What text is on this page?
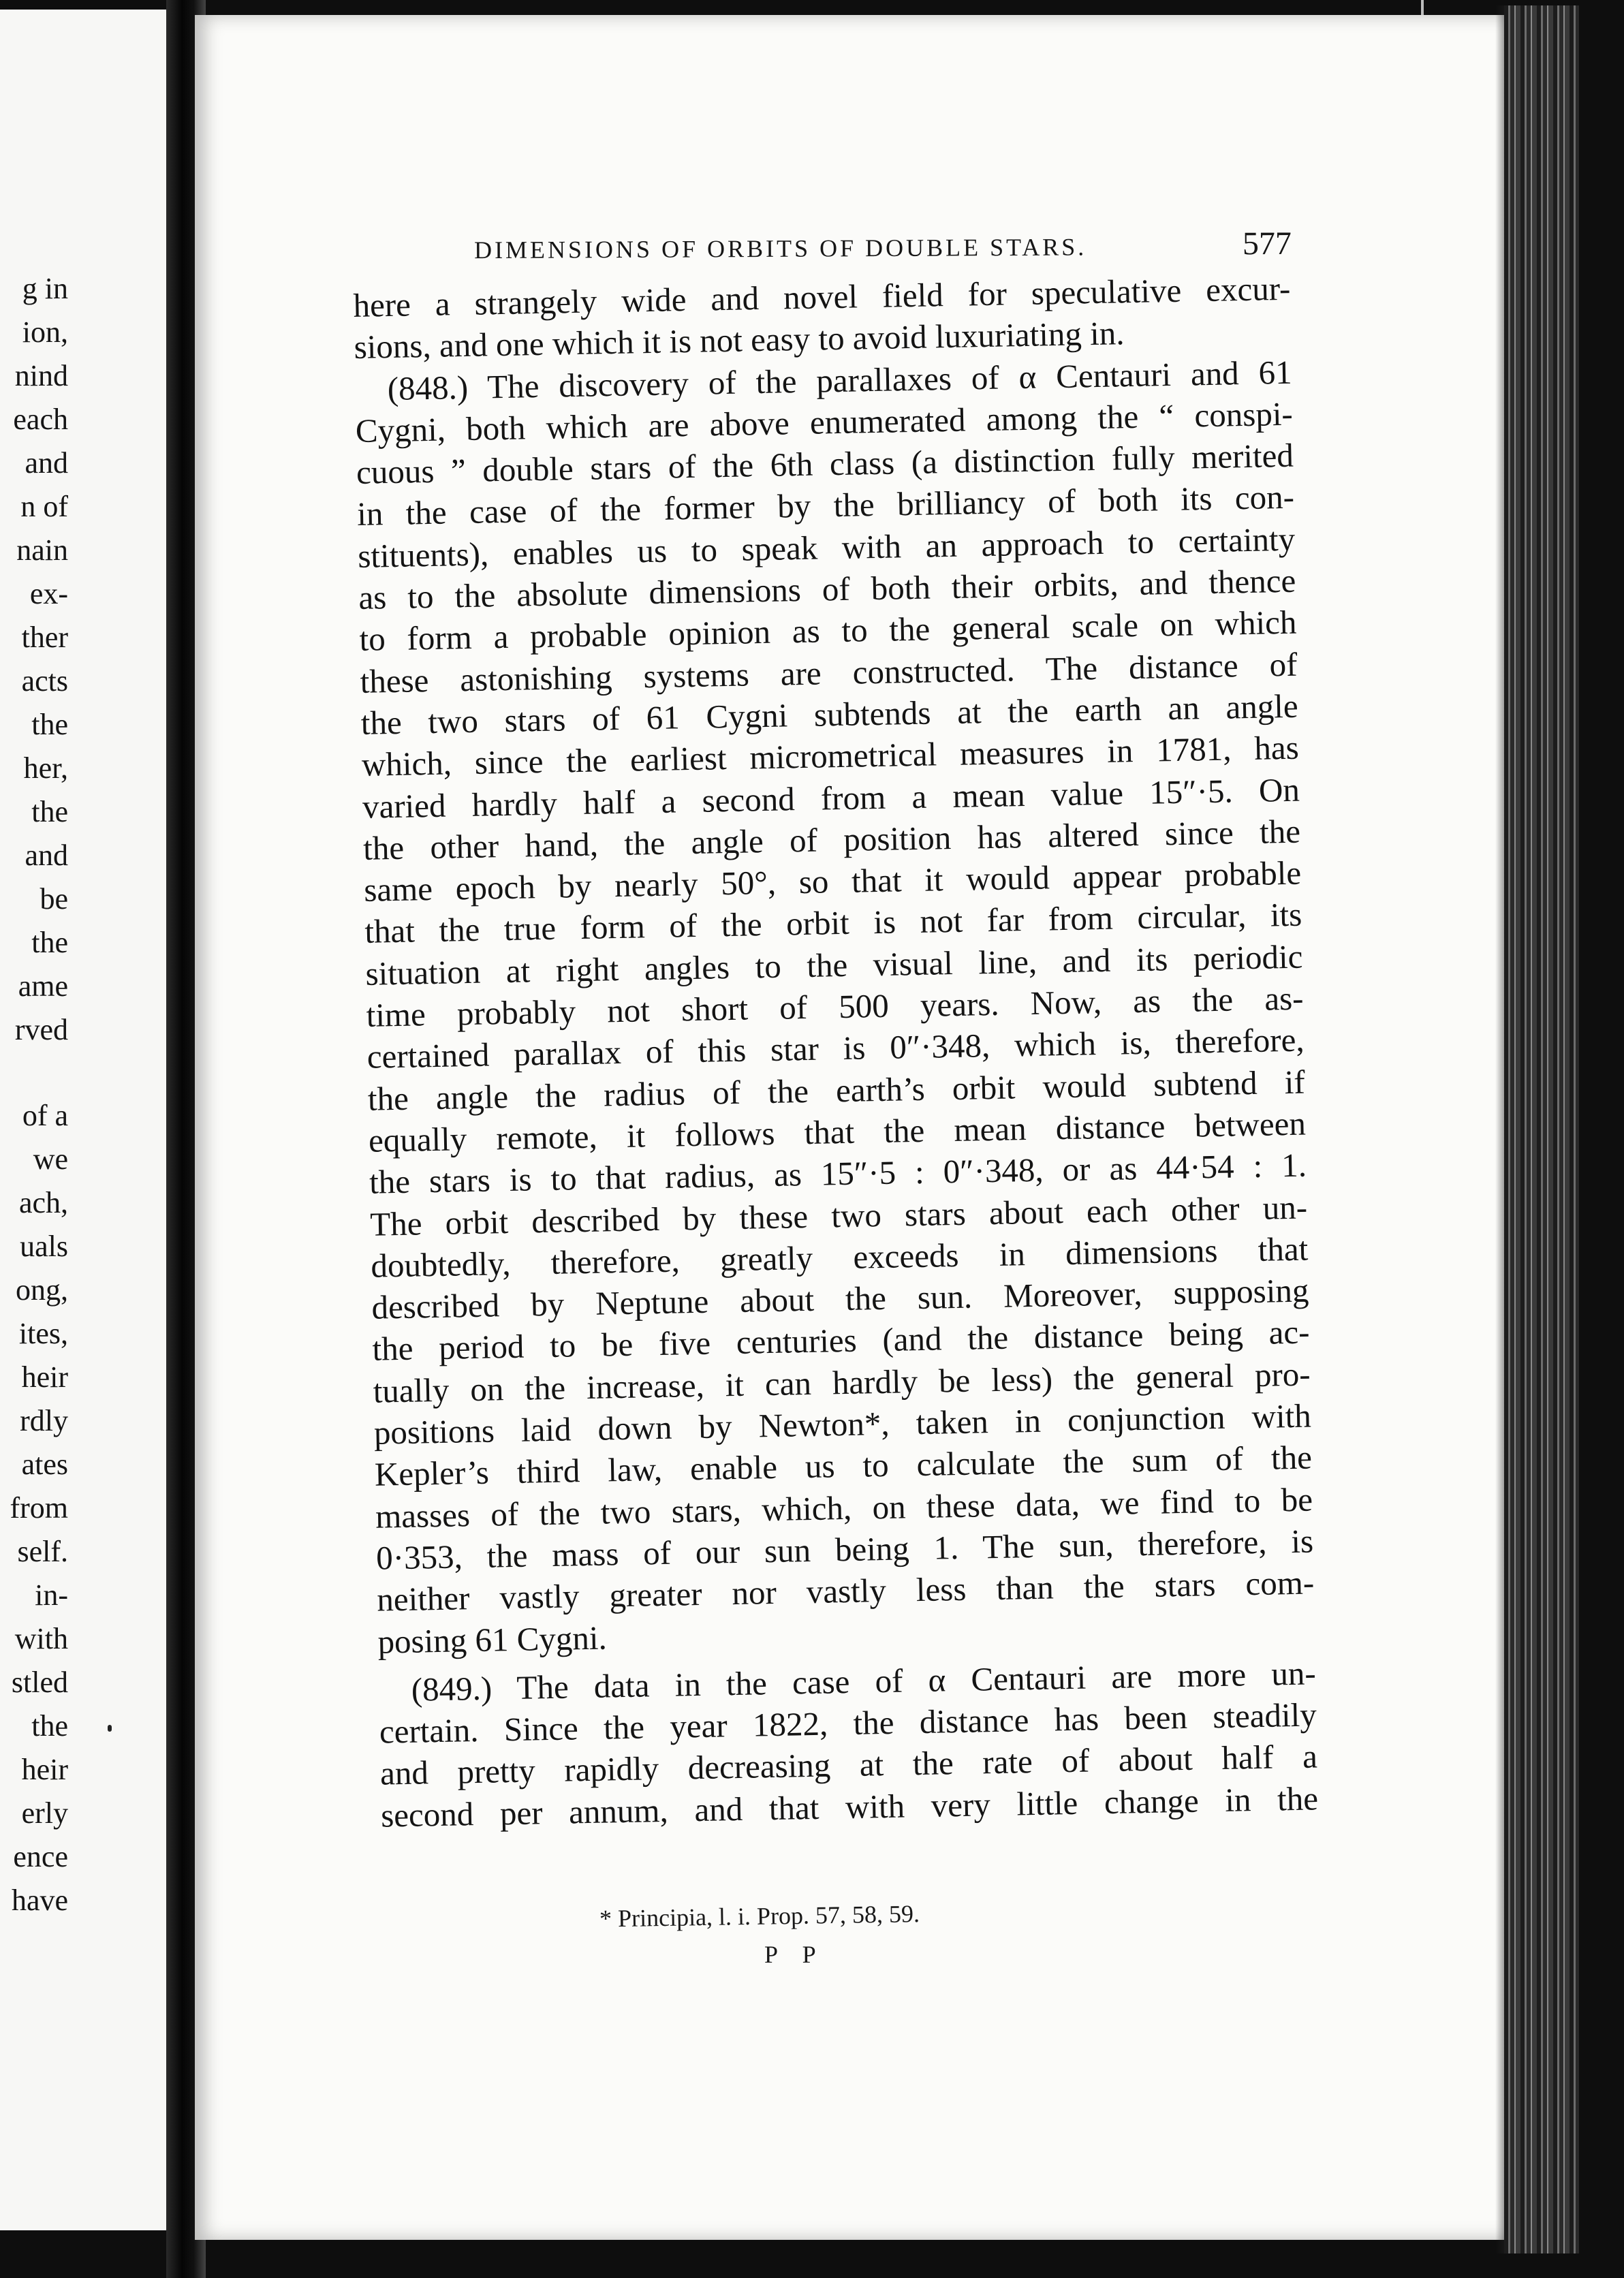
g in
ion,
nind
each
and
n of
nain
ex-
ther
acts
the
her,
the
and
be
the
ame
rved
of a
we
ach,
uals
ong,
ites,
heir
rdly
ates
from
self.
in-
with
stled
the
heir
erly
ence
have
DIMENSIONS OF ORBITS OF DOUBLE STARS.	577
here a strangely wide and novel field for speculative excur-
sions, and one which it is not easy to avoid luxuriating in.
(848.) The discovery of the parallaxes of α Centauri and 61
Cygni, both which are above enumerated among the “ conspi-
cuous ” double stars of the 6th class (a distinction fully merited
in the case of the former by the brilliancy of both its con-
stituents), enables us to speak with an approach to certainty
as to the absolute dimensions of both their orbits, and thence
to form a probable opinion as to the general scale on which
these astonishing systems are constructed. The distance of
the two stars of 61 Cygni subtends at the earth an angle
which, since the earliest micrometrical measures in 1781, has
varied hardly half a second from a mean value 15″·5. On
the other hand, the angle of position has altered since the
same epoch by nearly 50°, so that it would appear probable
that the true form of the orbit is not far from circular, its
situation at right angles to the visual line, and its periodic
time probably not short of 500 years. Now, as the as-
certained parallax of this star is 0″·348, which is, therefore,
the angle the radius of the earth’s orbit would subtend if
equally remote, it follows that the mean distance between
the stars is to that radius, as 15″·5 : 0″·348, or as 44·54 : 1.
The orbit described by these two stars about each other un-
doubtedly, therefore, greatly exceeds in dimensions that
described by Neptune about the sun. Moreover, supposing
the period to be five centuries (and the distance being ac-
tually on the increase, it can hardly be less) the general pro-
positions laid down by Newton*, taken in conjunction with
Kepler’s third law, enable us to calculate the sum of the
masses of the two stars, which, on these data, we find to be
0·353, the mass of our sun being 1. The sun, therefore, is
neither vastly greater nor vastly less than the stars com-
posing 61 Cygni.
(849.) The data in the case of α Centauri are more un-
certain. Since the year 1822, the distance has been steadily
and pretty rapidly decreasing at the rate of about half a
second per annum, and that with very little change in the
* Principia, l. i. Prop. 57, 58, 59.
P P
